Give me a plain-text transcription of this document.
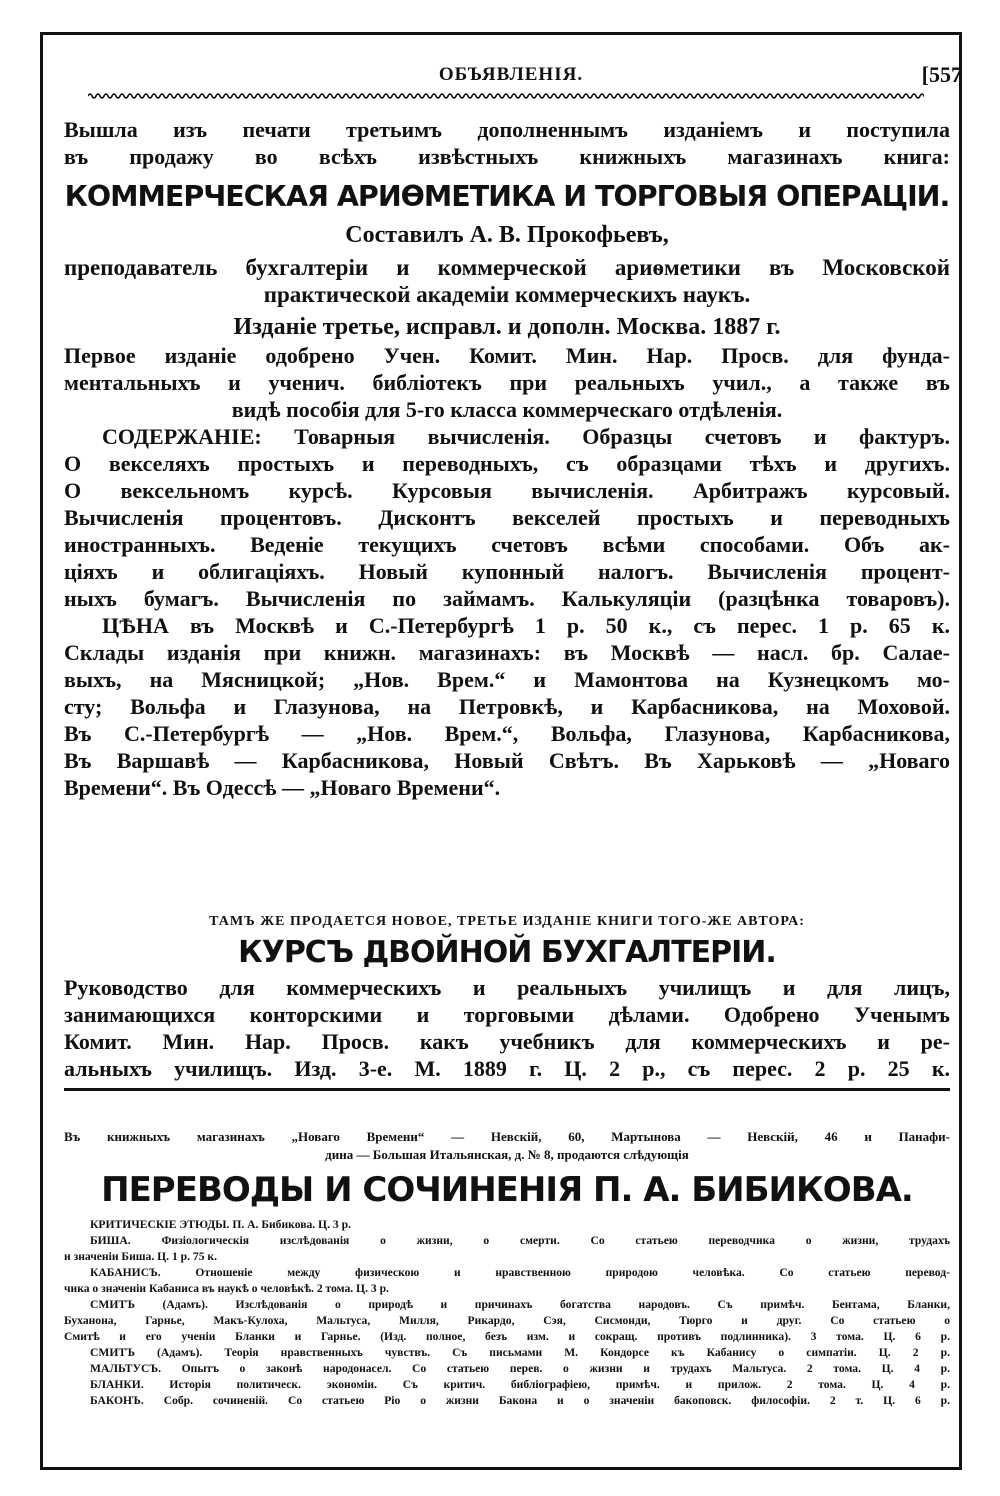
ОБЪЯВЛЕНІЯ.	[557
Вышла изъ печати третьимъ дополненнымъ изданіемъ и поступила
въ продажу во всѣхъ извѣстныхъ книжныхъ магазинахъ книга:
КОММЕРЧЕСКАЯ АРИѲМЕТИКА И ТОРГОВЫЯ ОПЕРАЦІИ.
Составилъ А. В. Прокофьевъ,
преподаватель бухгалтеріи и коммерческой ариѳметики въ Московской
практической академіи коммерческихъ наукъ.
Изданіе третье, исправл. и дополн. Москва. 1887 г.
Первое изданіе одобрено Учен. Комит. Мин. Нар. Просв. для фунда-
ментальныхъ и ученич. библіотекъ при реальныхъ учил., а также въ
видѣ пособія для 5-го класса коммерческаго отдѣленія.
СОДЕРЖАНІЕ: Товарныя вычисленія. Образцы счетовъ и фактуръ.
О векселяхъ простыхъ и переводныхъ, съ образцами тѣхъ и другихъ.
О вексельномъ курсѣ. Курсовыя вычисленія. Арбитражъ курсовый.
Вычисленія процентовъ. Дисконтъ векселей простыхъ и переводныхъ
иностранныхъ. Веденіе текущихъ счетовъ всѣми способами. Объ ак-
ціяхъ и облигаціяхъ. Новый купонный налогъ. Вычисленія процент-
ныхъ бумагъ. Вычисленія по займамъ. Калькуляціи (разцѣнка товаровъ).
ЦѢНА въ Москвѣ и С.-Петербургѣ 1 р. 50 к., съ перес. 1 р. 65 к.
Склады изданія при книжн. магазинахъ: въ Москвѣ — насл. бр. Салае-
выхъ, на Мясницкой; „Нов. Врем.“ и Мамонтова на Кузнецкомъ мо-
сту; Вольфа и Глазунова, на Петровкѣ, и Карбасникова, на Моховой.
Въ С.-Петербургѣ — „Нов. Врем.“, Вольфа, Глазунова, Карбасникова,
Въ Варшавѣ — Карбасникова, Новый Свѣтъ. Въ Харьковѣ — „Новаго
Времени“. Въ Одессѣ — „Новаго Времени“.
ТАМЪ ЖЕ ПРОДАЕТСЯ НОВОЕ, ТРЕТЬЕ ИЗДАНІЕ КНИГИ ТОГО-ЖЕ АВТОРА:
КУРСЪ ДВОЙНОЙ БУХГАЛТЕРІИ.
Руководство для коммерческихъ и реальныхъ училищъ и для лицъ,
занимающихся конторскими и торговыми дѣлами. Одобрено Ученымъ
Комит. Мин. Нар. Просв. какъ учебникъ для коммерческихъ и ре-
альныхъ училищъ. Изд. 3-е. М. 1889 г. Ц. 2 р., съ перес. 2 р. 25 к.
Въ книжныхъ магазинахъ „Новаго Времени“ — Невскій, 60, Мартынова — Невскій, 46 и Панафи-
дина — Большая Итальянская, д. № 8, продаются слѣдующія
ПЕРЕВОДЫ И СОЧИНЕНІЯ П. А. БИБИКОВА.
КРИТИЧЕСКІЕ ЭТЮДЫ. П. А. Бибикова. Ц. 3 р.
БИША. Физіологическія изслѣдованія о жизни, о смерти. Со статьею переводчика о жизни, трудахъ
и значеніи Биша. Ц. 1 р. 75 к.
КАБАНИСЪ. Отношеніе между физическою и нравственною природою человѣка. Со статьею перевод-
чика о значеніи Кабаниса въ наукѣ о человѣкѣ. 2 тома. Ц. 3 р.
СМИТЪ (Адамъ). Изслѣдованія о природѣ и причинахъ богатства народовъ. Съ примѣч. Бентама, Бланки,
Буханона, Гарнье, Макъ-Кулоха, Мальтуса, Милля, Рикардо, Сэя, Сисмонди, Тюрго и друг. Со статьею о
Смитѣ и его ученіи Бланки и Гарнье. (Изд. полное, безъ изм. и сокращ. противъ подлинника). 3 тома. Ц. 6 р.
СМИТЪ (Адамъ). Теорія нравственныхъ чувствъ. Съ письмами М. Кондорсе къ Кабанису о симпатіи. Ц. 2 р.
МАЛЬТУСЪ. Опытъ о законѣ народонасел. Со статьею перев. о жизни и трудахъ Мальтуса. 2 тома. Ц. 4 р.
БЛАНКИ. Исторія политическ. экономіи. Съ критич. библіографіею, примѣч. и прилож. 2 тома. Ц. 4 р.
БАКОНЪ. Собр. сочиненій. Со статьею Ріо о жизни Бакона и о значеніи бакоповск. философіи. 2 т. Ц. 6 р.
